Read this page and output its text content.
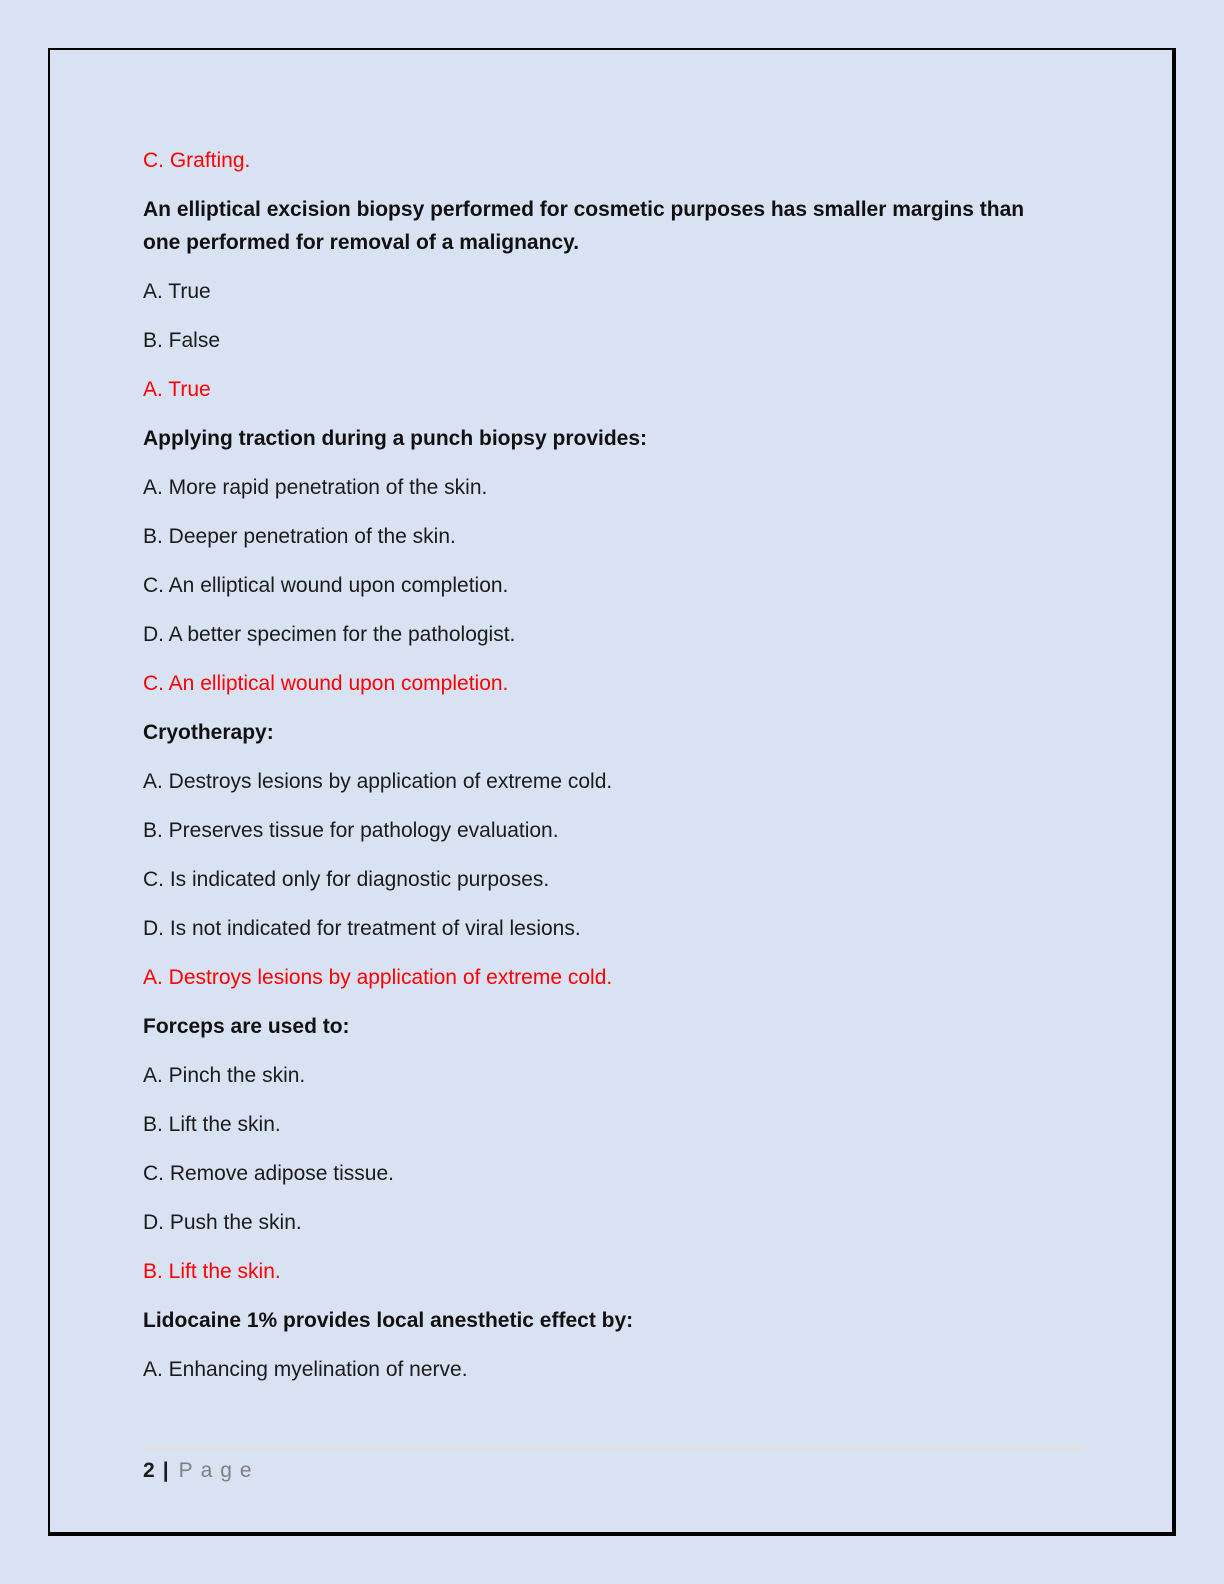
C. Grafting.

An elliptical excision biopsy performed for cosmetic purposes has smaller margins than one performed for removal of a malignancy.

A. True

B. False

A. True

Applying traction during a punch biopsy provides:

A. More rapid penetration of the skin.

B. Deeper penetration of the skin.

C. An elliptical wound upon completion.

D. A better specimen for the pathologist.

C. An elliptical wound upon completion.

Cryotherapy:

A. Destroys lesions by application of extreme cold.

B. Preserves tissue for pathology evaluation.

C. Is indicated only for diagnostic purposes.

D. Is not indicated for treatment of viral lesions.

A. Destroys lesions by application of extreme cold.

Forceps are used to:

A. Pinch the skin.

B. Lift the skin.

C. Remove adipose tissue.

D. Push the skin.

B. Lift the skin.

Lidocaine 1% provides local anesthetic effect by:

A. Enhancing myelination of nerve.

2 | Page
